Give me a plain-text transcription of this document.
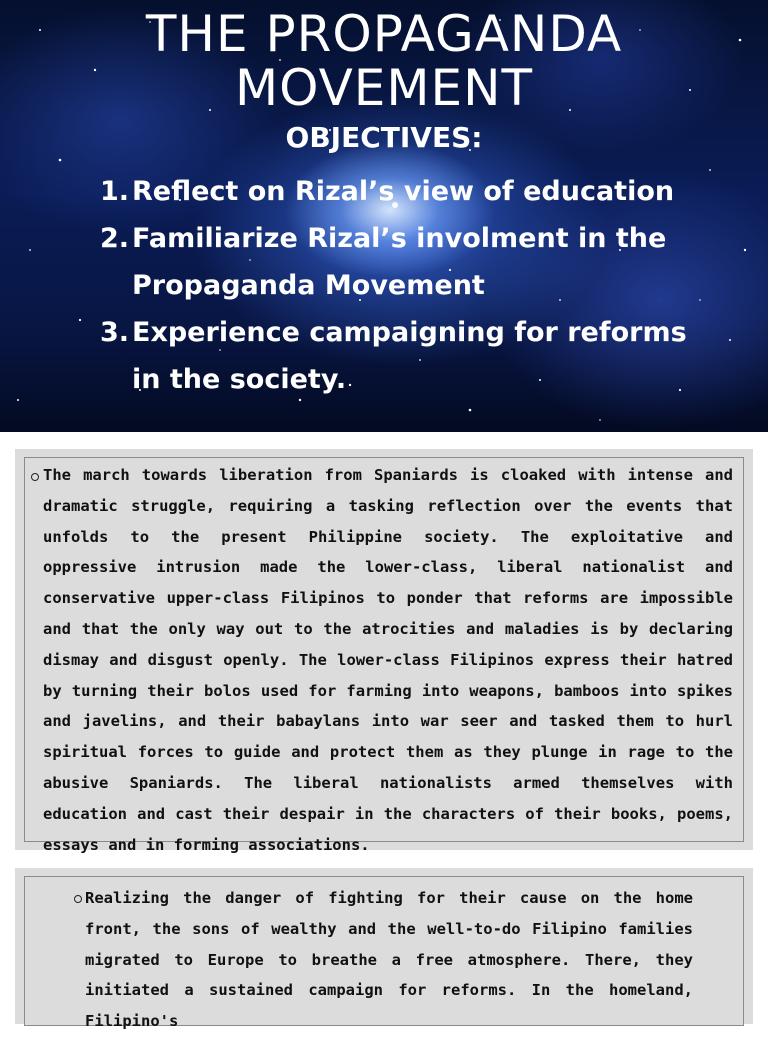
THE PROPAGANDA
MOVEMENT
OBJECTIVES:
1. Reflect on Rizal’s view of education
2. Familiarize Rizal’s involment in the Propaganda Movement
3. Experience campaigning for reforms in the society.

The march towards liberation from Spaniards is cloaked with intense and dramatic struggle, requiring a tasking reflection over the events that unfolds to the present Philippine society. The exploitative and oppressive intrusion made the lower-class, liberal nationalist and conservative upper-class Filipinos to ponder that reforms are impossible and that the only way out to the atrocities and maladies is by declaring dismay and disgust openly. The lower-class Filipinos express their hatred by turning their bolos used for farming into weapons, bamboos into spikes and javelins, and their babaylans into war seer and tasked them to hurl spiritual forces to guide and protect them as they plunge in rage to the abusive Spaniards. The liberal nationalists armed themselves with education and cast their despair in the characters of their books, poems, essays and in forming associations.

Realizing the danger of fighting for their cause on the home front, the sons of wealthy and the well-to-do Filipino families migrated to Europe to breathe a free atmosphere. There, they initiated a sustained campaign for reforms. In the homeland, Filipino's
